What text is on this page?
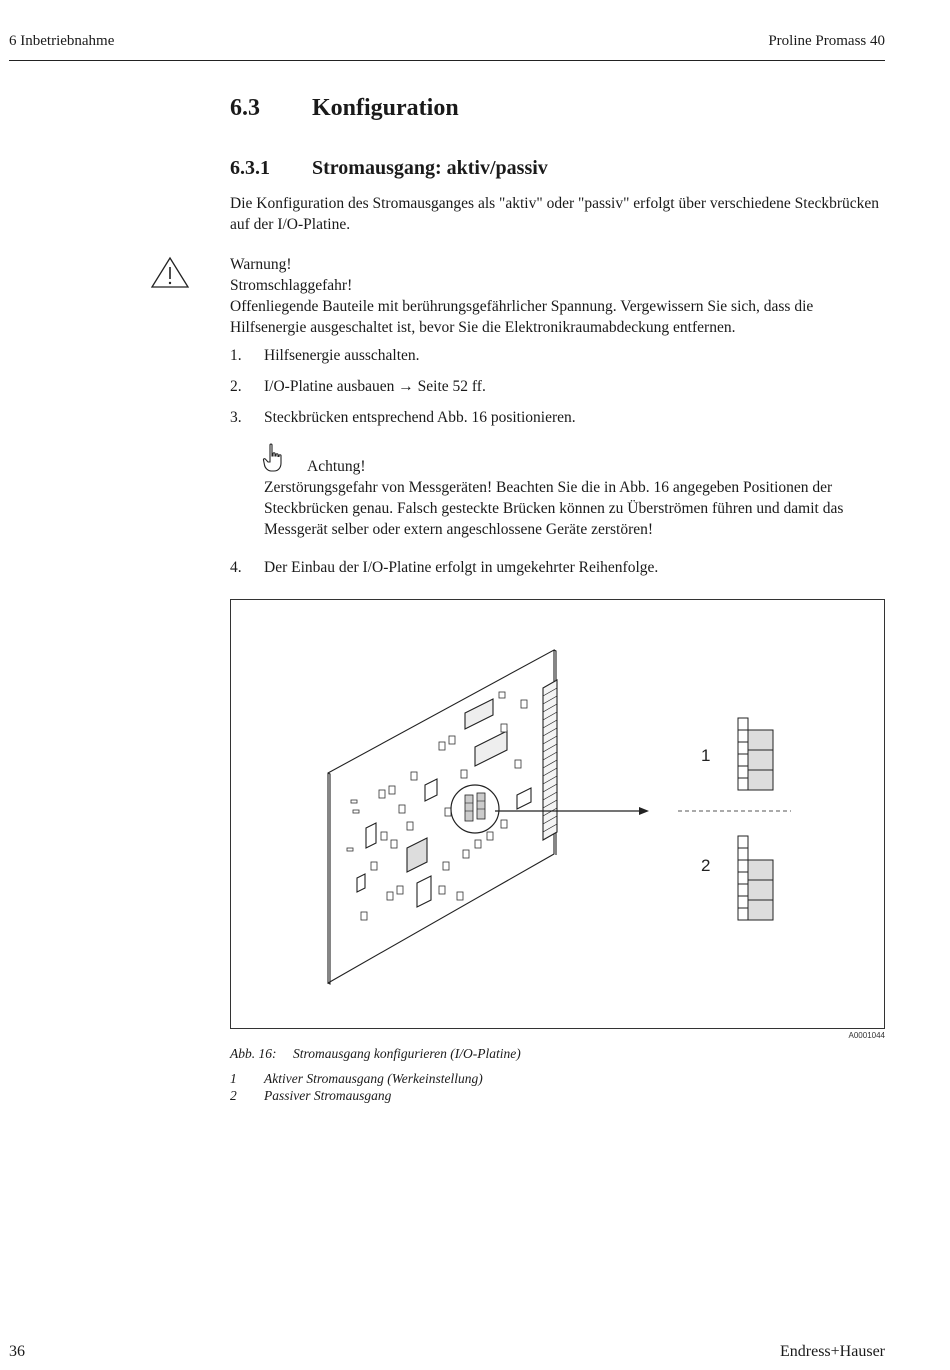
6 Inbetriebnahme	Proline Promass 40
6.3 Konfiguration
6.3.1 Stromausgang: aktiv/passiv
Die Konfiguration des Stromausganges als "aktiv" oder "passiv" erfolgt über verschiedene Steckbrücken auf der I/O-Platine.
Warnung!
Stromschlaggefahr!
Offenliegende Bauteile mit berührungsgefährlicher Spannung. Vergewissern Sie sich, dass die Hilfsenergie ausgeschaltet ist, bevor Sie die Elektronikraumabdeckung entfernen.
1. Hilfsenergie ausschalten.
2. I/O-Platine ausbauen → Seite 52 ff.
3. Steckbrücken entsprechend Abb. 16 positionieren.
Achtung!
Zerstörungsgefahr von Messgeräten! Beachten Sie die in Abb. 16 angegeben Positionen der Steckbrücken genau. Falsch gesteckte Brücken können zu Überströmen führen und damit das Messgerät selber oder extern angeschlossene Geräte zerstören!
4. Der Einbau der I/O-Platine erfolgt in umgekehrter Reihenfolge.
1
2
A0001044
Abb. 16: Stromausgang konfigurieren (I/O-Platine)
1 Aktiver Stromausgang (Werkeinstellung)
2 Passiver Stromausgang
36	Endress+Hauser
